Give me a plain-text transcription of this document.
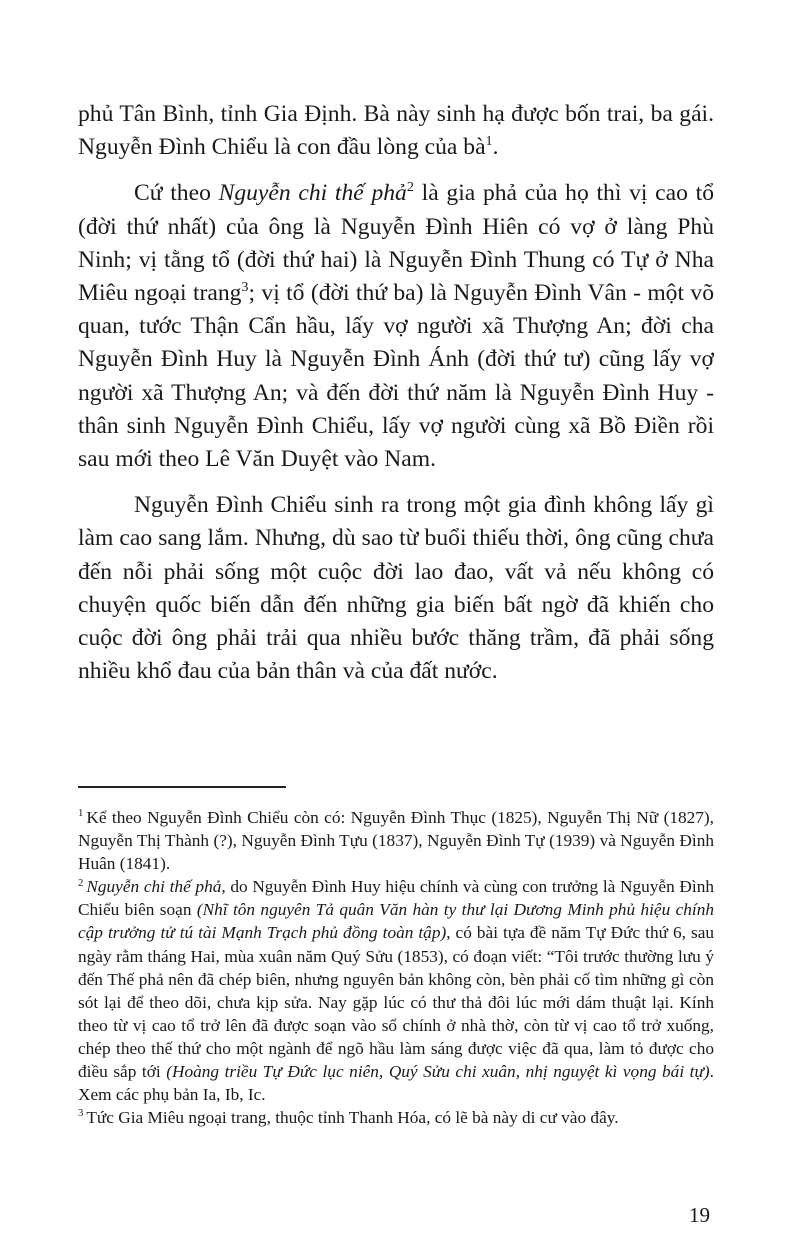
phủ Tân Bình, tỉnh Gia Định. Bà này sinh hạ được bốn trai, ba gái. Nguyễn Đình Chiểu là con đầu lòng của $bà^1$.

Cứ theo Nguyễn chi thế phả$^2$ là gia phả của họ thì vị cao tổ (đời thứ nhất) của ông là Nguyễn Đình Hiên có vợ ở làng Phù Ninh; vị tằng tổ (đời thứ hai) là Nguyễn Đình Thung có Tự ở Nha Miêu ngoại trang$^3$; vị tổ (đời thứ ba) là Nguyễn Đình Vân - một võ quan, tước Thận Cẩn hầu, lấy vợ người xã Thượng An; đời cha Nguyễn Đình Huy là Nguyễn Đình Ánh (đời thứ tư) cũng lấy vợ người xã Thượng An; và đến đời thứ năm là Nguyễn Đình Huy - thân sinh Nguyễn Đình Chiểu, lấy vợ người cùng xã Bồ Điền rồi sau mới theo Lê Văn Duyệt vào Nam.

Nguyễn Đình Chiểu sinh ra trong một gia đình không lấy gì làm cao sang lắm. Nhưng, dù sao từ buổi thiếu thời, ông cũng chưa đến nỗi phải sống một cuộc đời lao đao, vất vả nếu không có chuyện quốc biến dẫn đến những gia biến bất ngờ đã khiến cho cuộc đời ông phải trải qua nhiều bước thăng trầm, đã phải sống nhiều khổ đau của bản thân và của đất nước.

$^1$ Kể theo Nguyễn Đình Chiểu còn có: Nguyễn Đình Thục (1825), Nguyễn Thị Nữ (1827), Nguyễn Thị Thành (?), Nguyễn Đình Tựu (1837), Nguyễn Đình Tự (1939) và Nguyễn Đình Huân (1841).

$^2$ Nguyễn chi thế phả, do Nguyễn Đình Huy hiệu chính và cùng con trưởng là Nguyễn Đình Chiểu biên soạn (Nhĩ tôn nguyên Tả quân Văn hàn ty thư lại Dương Minh phủ hiệu chính cập trưởng tử tú tài Mạnh Trạch phủ đồng toàn tập), có bài tựa đề năm Tự Đức thứ 6, sau ngày rằm tháng Hai, mùa xuân năm Quý Sửu (1853), có đoạn viết: “Tôi trước thường lưu ý đến Thế phả nên đã chép biên, nhưng nguyên bản không còn, bèn phải cố tìm những gì còn sót lại để theo dõi, chưa kịp sửa. Nay gặp lúc có thư thả đôi lúc mới dám thuật lại. Kính theo từ vị cao tổ trở lên đã được soạn vào sổ chính ở nhà thờ, còn từ vị cao tổ trở xuống, chép theo thế thứ cho một ngành để ngõ hầu làm sáng được việc đã qua, làm tỏ được cho điều sắp tới (Hoàng triều Tự Đức lục niên, Quý Sửu chi xuân, nhị nguyệt kì vọng bái tự). Xem các phụ bản Ia, Ib, Ic.

$^3$ Tức Gia Miêu ngoại trang, thuộc tỉnh Thanh Hóa, có lẽ bà này di cư vào đây.

19
